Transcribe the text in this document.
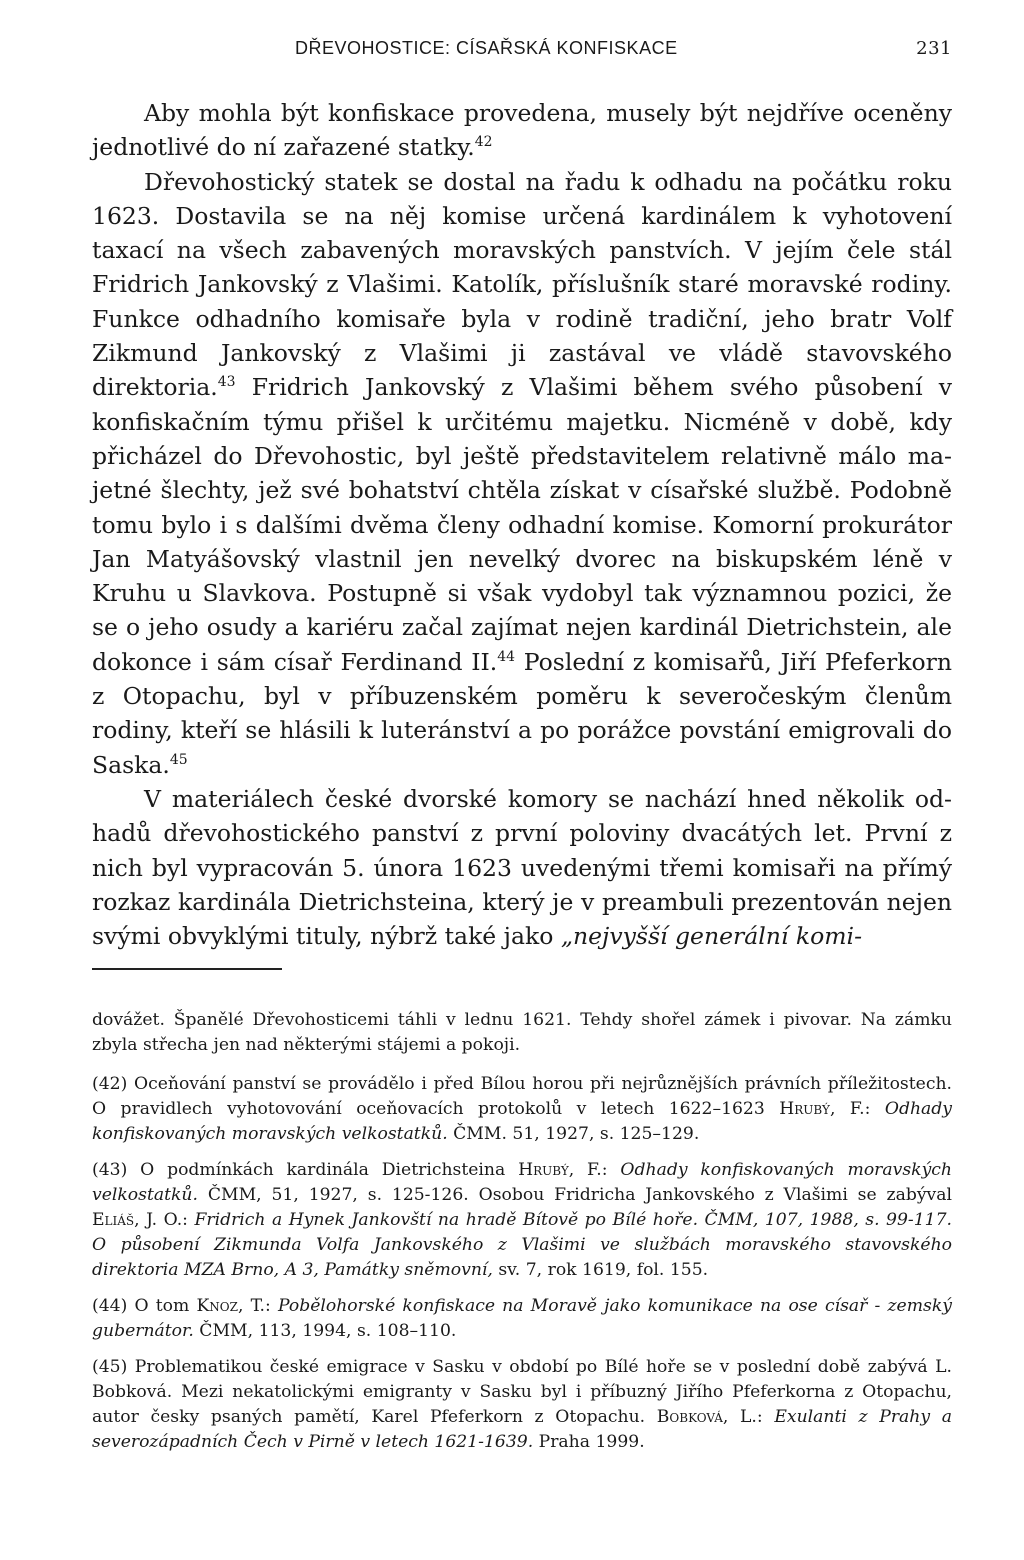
DŘEVOHOSTICE: CÍSAŘSKÁ KONFISKACE	231

Aby mohla být konfiskace provedena, musely být nejdříve oceněny jednotlivé do ní zařazené statky.$^{42}$

Dřevohostický statek se dostal na řadu k odhadu na počátku roku 1623. Dostavila se na něj komise určená kardinálem k vyhotovení taxací na všech zabavených moravských panstvích. V jejím čele stál Fridrich Jankovský z Vlašimi. Katolík, příslušník staré moravské rodiny. Funkce odhadního komisaře byla v rodině tradiční, jeho bratr Volf Zikmund Jankovský z Vlašimi ji zastával ve vládě stavovského direktoria.$^{43}$ Fridrich Jankovský z Vlašimi během svého působení v konfiskačním týmu přišel k určitému majetku. Nicméně v době, kdy přicházel do Dřevohostic, byl ještě představitelem relativně málo majetné šlechty, jež své bohatství chtěla získat v císařské službě. Podobně tomu bylo i s dalšími dvěma členy odhadní komise. Komorní prokurátor Jan Matyášovský vlastnil jen nevelký dvorec na biskupském léně v Kruhu u Slavkova. Postupně si však vydobyl tak významnou pozici, že se o jeho osudy a kariéru začal zajímat nejen kardinál Dietrichstein, ale dokonce i sám císař Ferdinand II.$^{44}$ Poslední z komisařů, Jiří Pfeferkorn z Otopachu, byl v příbuzenském poměru k severočeským členům rodiny, kteří se hlásili k luteránství a po porážce povstání emigrovali do Saska.$^{45}$

V materiálech české dvorské komory se nachází hned několik odhadů dřevohostického panství z první poloviny dvacátých let. První z nich byl vypracován 5. února 1623 uvedenými třemi komisaři na přímý rozkaz kardinála Dietrichsteina, který je v preambuli prezentován nejen svými obvyklými tituly, nýbrž také jako „nejvyšší generální komi-

dovážet. Španělé Dřevohosticemi táhli v lednu 1621. Tehdy shořel zámek i pivovar. Na zámku zbyla střecha jen nad některými stájemi a pokoji.

(42) Oceňování panství se provádělo i před Bílou horou při nejrůznějších právních příležitostech. O pravidlech vyhotovování oceňovacích protokolů v letech 1622–1623 Hrubý, F.: Odhady konfiskovaných moravských velkostatků. ČMM. 51, 1927, s. 125–129.

(43) O podmínkách kardinála Dietrichsteina Hrubý, F.: Odhady konfiskovaných moravských velkostatků. ČMM, 51, 1927, s. 125-126. Osobou Fridricha Jankovského z Vlašimi se zabýval Eliáš, J. O.: Fridrich a Hynek Jankovští na hradě Bítově po Bílé hoře. ČMM, 107, 1988, s. 99-117. O působení Zikmunda Volfa Jankovského z Vlašimi ve službách moravského stavovského direktoria MZA Brno, A 3, Památky sněmovní, sv. 7, rok 1619, fol. 155.

(44) O tom Knoz, T.: Pobělohorské konfiskace na Moravě jako komunikace na ose císař - zemský gubernátor. ČMM, 113, 1994, s. 108–110.

(45) Problematikou české emigrace v Sasku v období po Bílé hoře se v poslední době zabývá L. Bobková. Mezi nekatolickými emigranty v Sasku byl i příbuzný Jiřího Pfeferkorna z Otopachu, autor česky psaných pamětí, Karel Pfeferkorn z Otopachu. Bobková, L.: Exulanti z Prahy a severozápadních Čech v Pirně v letech 1621-1639. Praha 1999.
